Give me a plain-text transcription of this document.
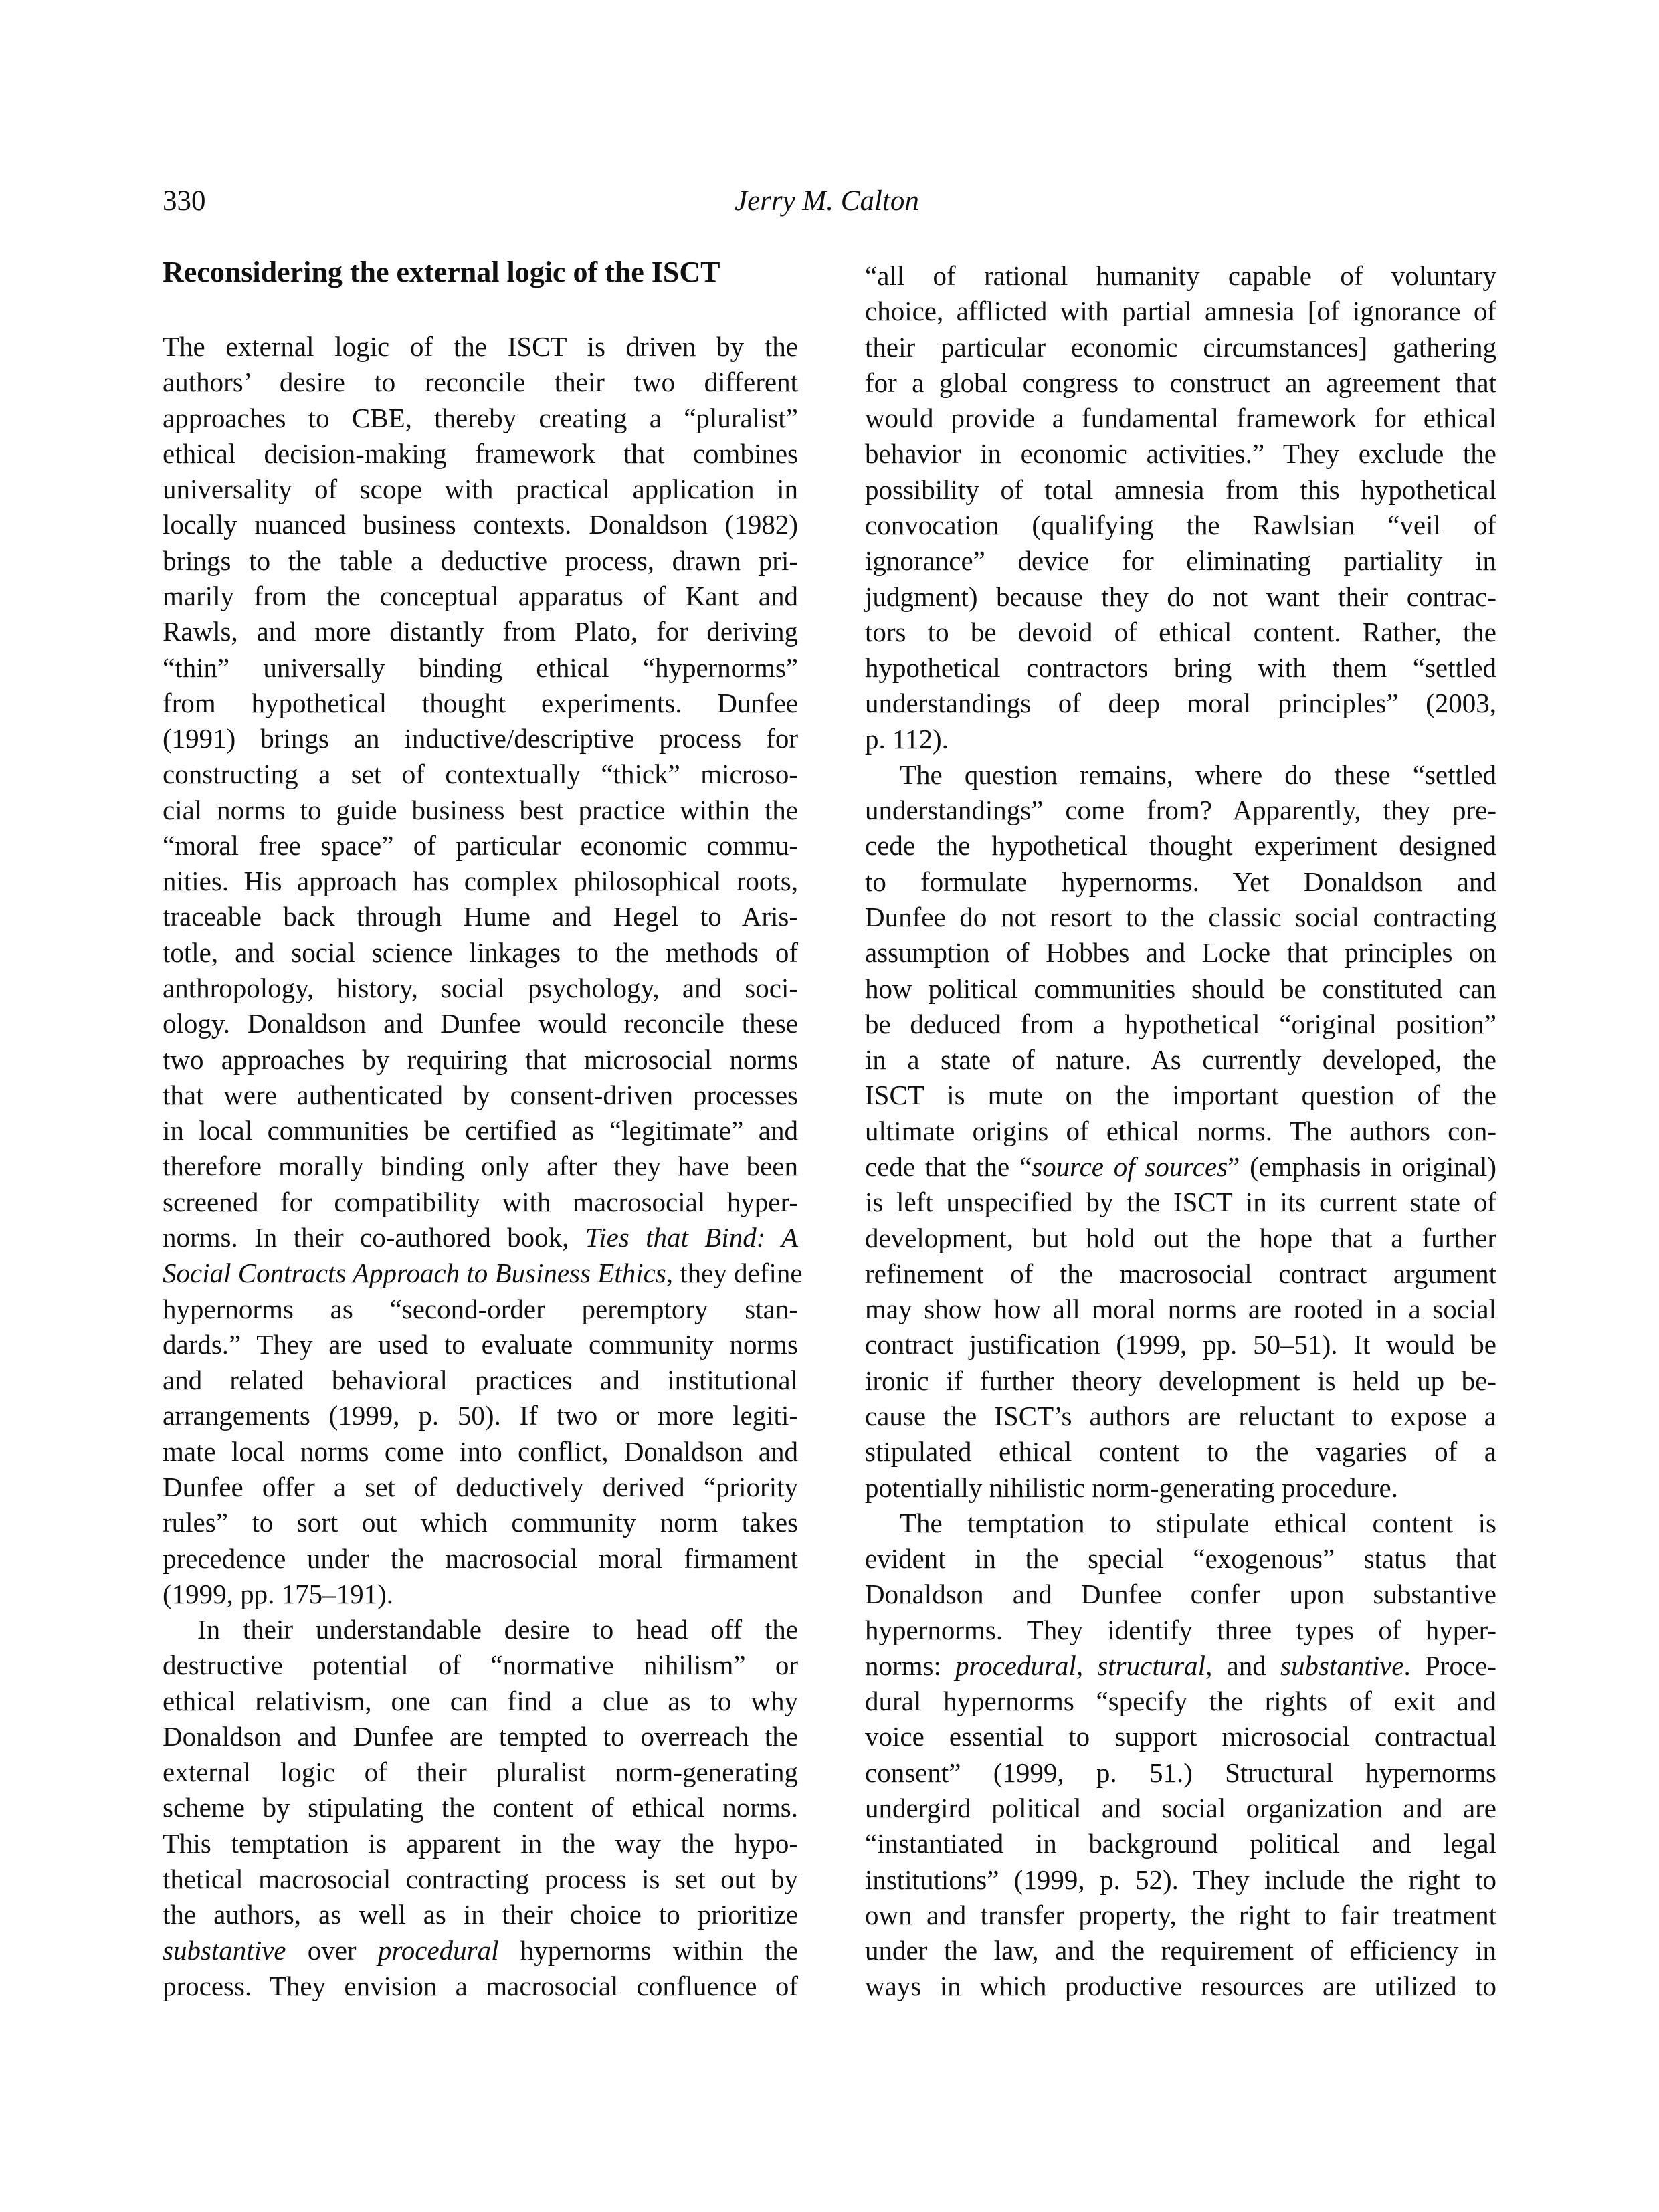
330	Jerry M. Calton
Reconsidering the external logic of the ISCT
The external logic of the ISCT is driven by the
authors’ desire to reconcile their two different
approaches to CBE, thereby creating a “pluralist”
ethical decision-making framework that combines
universality of scope with practical application in
locally nuanced business contexts. Donaldson (1982)
brings to the table a deductive process, drawn pri-
marily from the conceptual apparatus of Kant and
Rawls, and more distantly from Plato, for deriving
“thin” universally binding ethical “hypernorms”
from hypothetical thought experiments. Dunfee
(1991) brings an inductive/descriptive process for
constructing a set of contextually “thick” microso-
cial norms to guide business best practice within the
“moral free space” of particular economic commu-
nities. His approach has complex philosophical roots,
traceable back through Hume and Hegel to Aris-
totle, and social science linkages to the methods of
anthropology, history, social psychology, and soci-
ology. Donaldson and Dunfee would reconcile these
two approaches by requiring that microsocial norms
that were authenticated by consent-driven processes
in local communities be certified as “legitimate” and
therefore morally binding only after they have been
screened for compatibility with macrosocial hyper-
norms. In their co-authored book, Ties that Bind: A
Social Contracts Approach to Business Ethics, they define
hypernorms as “second-order peremptory stan-
dards.” They are used to evaluate community norms
and related behavioral practices and institutional
arrangements (1999, p. 50). If two or more legiti-
mate local norms come into conflict, Donaldson and
Dunfee offer a set of deductively derived “priority
rules” to sort out which community norm takes
precedence under the macrosocial moral firmament
(1999, pp. 175–191).
In their understandable desire to head off the
destructive potential of “normative nihilism” or
ethical relativism, one can find a clue as to why
Donaldson and Dunfee are tempted to overreach the
external logic of their pluralist norm-generating
scheme by stipulating the content of ethical norms.
This temptation is apparent in the way the hypo-
thetical macrosocial contracting process is set out by
the authors, as well as in their choice to prioritize
substantive over procedural hypernorms within the
process. They envision a macrosocial confluence of
“all of rational humanity capable of voluntary
choice, afflicted with partial amnesia [of ignorance of
their particular economic circumstances] gathering
for a global congress to construct an agreement that
would provide a fundamental framework for ethical
behavior in economic activities.” They exclude the
possibility of total amnesia from this hypothetical
convocation (qualifying the Rawlsian “veil of
ignorance” device for eliminating partiality in
judgment) because they do not want their contrac-
tors to be devoid of ethical content. Rather, the
hypothetical contractors bring with them “settled
understandings of deep moral principles” (2003,
p. 112).
The question remains, where do these “settled
understandings” come from? Apparently, they pre-
cede the hypothetical thought experiment designed
to formulate hypernorms. Yet Donaldson and
Dunfee do not resort to the classic social contracting
assumption of Hobbes and Locke that principles on
how political communities should be constituted can
be deduced from a hypothetical “original position”
in a state of nature. As currently developed, the
ISCT is mute on the important question of the
ultimate origins of ethical norms. The authors con-
cede that the “source of sources” (emphasis in original)
is left unspecified by the ISCT in its current state of
development, but hold out the hope that a further
refinement of the macrosocial contract argument
may show how all moral norms are rooted in a social
contract justification (1999, pp. 50–51). It would be
ironic if further theory development is held up be-
cause the ISCT’s authors are reluctant to expose a
stipulated ethical content to the vagaries of a
potentially nihilistic norm-generating procedure.
The temptation to stipulate ethical content is
evident in the special “exogenous” status that
Donaldson and Dunfee confer upon substantive
hypernorms. They identify three types of hyper-
norms: procedural, structural, and substantive. Proce-
dural hypernorms “specify the rights of exit and
voice essential to support microsocial contractual
consent” (1999, p. 51.) Structural hypernorms
undergird political and social organization and are
“instantiated in background political and legal
institutions” (1999, p. 52). They include the right to
own and transfer property, the right to fair treatment
under the law, and the requirement of efficiency in
ways in which productive resources are utilized to
